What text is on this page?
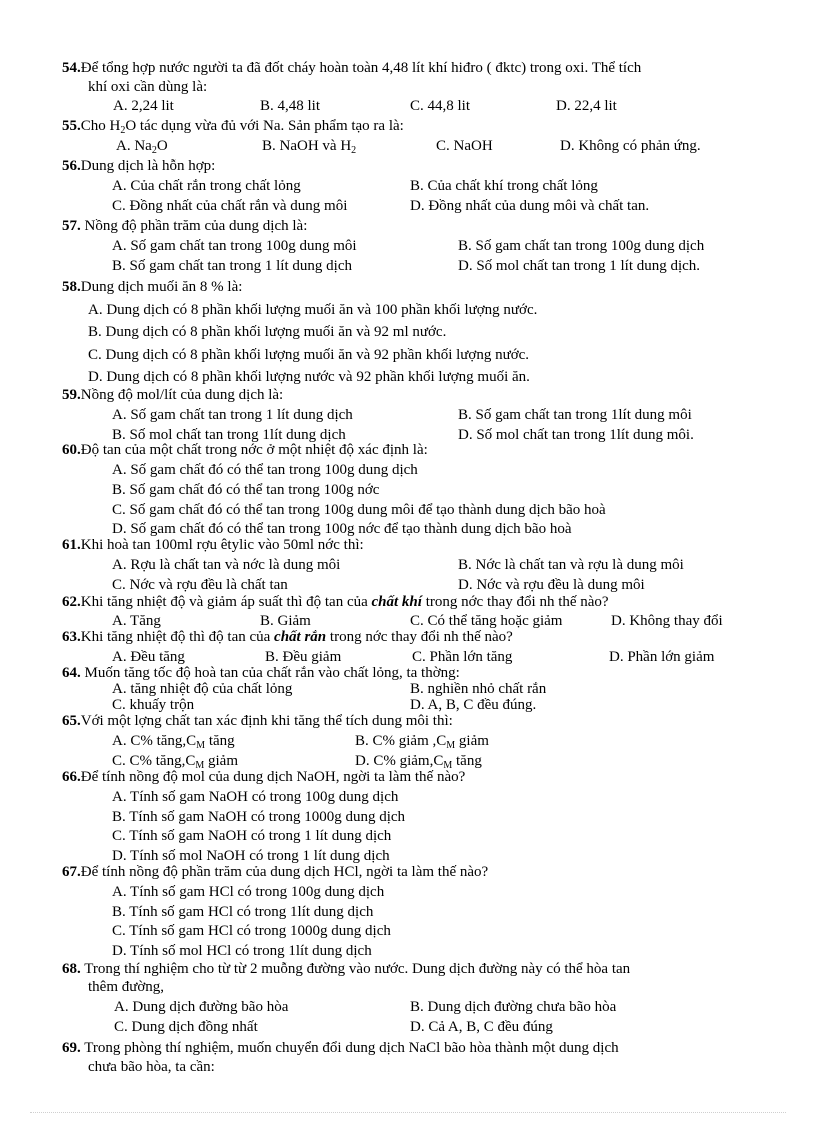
54.Để tổng hợp nước người ta đã đốt cháy hoàn toàn 4,48 lít khí hiđro ( đktc) trong oxi. Thể tích
khí oxi cần dùng là:
A. 2,24 lit	B. 4,48 lit	C. 44,8 lit	D. 22,4 lit
55.Cho $H_2O$ tác dụng vừa đủ với Na. Sản phẩm tạo ra là:
A. $Na_2O$	B. NaOH và $H_2$	C. NaOH	D. Không có phản ứng.
56.Dung dịch là hỗn hợp:
A. Của chất rắn trong chất lỏng	B. Của chất khí trong chất lỏng
C. Đồng nhất của chất rắn và dung môi	D. Đồng nhất của dung môi và chất tan.
57. Nồng độ phần trăm của dung dịch là:
A. Số gam chất tan trong 100g dung môi	B. Số gam chất tan trong 100g dung dịch
B. Số gam chất tan trong 1 lít dung dịch	D. Số mol chất tan trong 1 lít dung dịch.
58.Dung dịch muối ăn 8 % là:
A. Dung dịch có 8 phần khối lượng muối ăn và 100 phần khối lượng nước.
B. Dung dịch có 8 phần khối lượng muối ăn và 92 ml nước.
C. Dung dịch có 8 phần khối lượng muối ăn và 92 phần khối lượng nước.
D. Dung dịch có 8 phần khối lượng nước và 92 phần khối lượng muối ăn.
59.Nồng độ mol/lít của dung dịch là:
A. Số gam chất tan trong 1 lít dung dịch	B. Số gam chất tan trong 1lít dung môi
B. Số mol chất tan trong 1lít dung dịch	D. Số mol chất tan trong 1lít dung môi.
60.Độ tan của một chất trong nớc ở một nhiệt độ xác định là:
A. Số gam chất đó có thể tan trong 100g dung dịch
B. Số gam chất đó có thể tan trong 100g nớc
C. Số gam chất đó có thể tan trong 100g dung môi để tạo thành dung dịch bão hoà
D. Số gam chất đó có thể tan trong 100g nớc để tạo thành dung dịch bão hoà
61.Khi hoà tan 100ml rợu êtylic vào 50ml nớc thì:
A. Rợu là chất tan và nớc là dung môi	B. Nớc là chất tan và rợu là dung môi
C. Nớc và rợu đều là chất tan	D. Nớc và rợu đều là dung môi
62.Khi tăng nhiệt độ và giảm áp suất thì độ tan của chất khí trong nớc thay đổi nh thế nào?
A. Tăng	B. Giảm	C. Có thể tăng hoặc giảm	D. Không thay đổi
63.Khi tăng nhiệt độ thì độ tan của chất rắn trong nớc thay đổi nh thế nào?
A. Đều tăng	B. Đều giảm	C. Phần lớn tăng	D. Phần lớn giảm
64. Muốn tăng tốc độ hoà tan của chất rắn vào chất lỏng, ta thờng:
A. tăng nhiệt độ của chất lỏng	B. nghiền nhỏ chất rắn
C. khuấy trộn	D. A, B, C đều đúng.
65.Với một lợng chất tan xác định khi tăng thể tích dung môi thì:
A. C% $tăng,C_M$ tăng	B. C% giảm $,C_M$ giảm
C. C% $tăng,C_M$ giảm	D. C% $giảm,C_M$ tăng
66.Để tính nồng độ mol của dung dịch NaOH, ngời ta làm thế nào?
A. Tính số gam NaOH có trong 100g dung dịch
B. Tính số gam NaOH có trong 1000g dung dịch
C. Tính số gam NaOH có trong 1 lít dung dịch
D. Tính số mol NaOH có trong 1 lít dung dịch
67.Để tính nồng độ phần trăm của dung dịch HCl, ngời ta làm thế nào?
A. Tính số gam HCl có trong 100g dung dịch
B. Tính số gam HCl có trong 1lít dung dịch
C. Tính số gam HCl có trong 1000g dung dịch
D. Tính số mol HCl có trong 1lít dung dịch
68. Trong thí nghiệm cho từ từ 2 muỗng đường vào nước. Dung dịch đường này có thể hòa tan
thêm đường,
A. Dung dịch đường bão hòa	B. Dung dịch đường chưa bão hòa
C. Dung dịch đồng nhất	D. Cả A, B, C đều đúng
69. Trong phòng thí nghiệm, muốn chuyển đổi dung dịch NaCl bão hòa thành một dung dịch
chưa bão hòa, ta cần:
